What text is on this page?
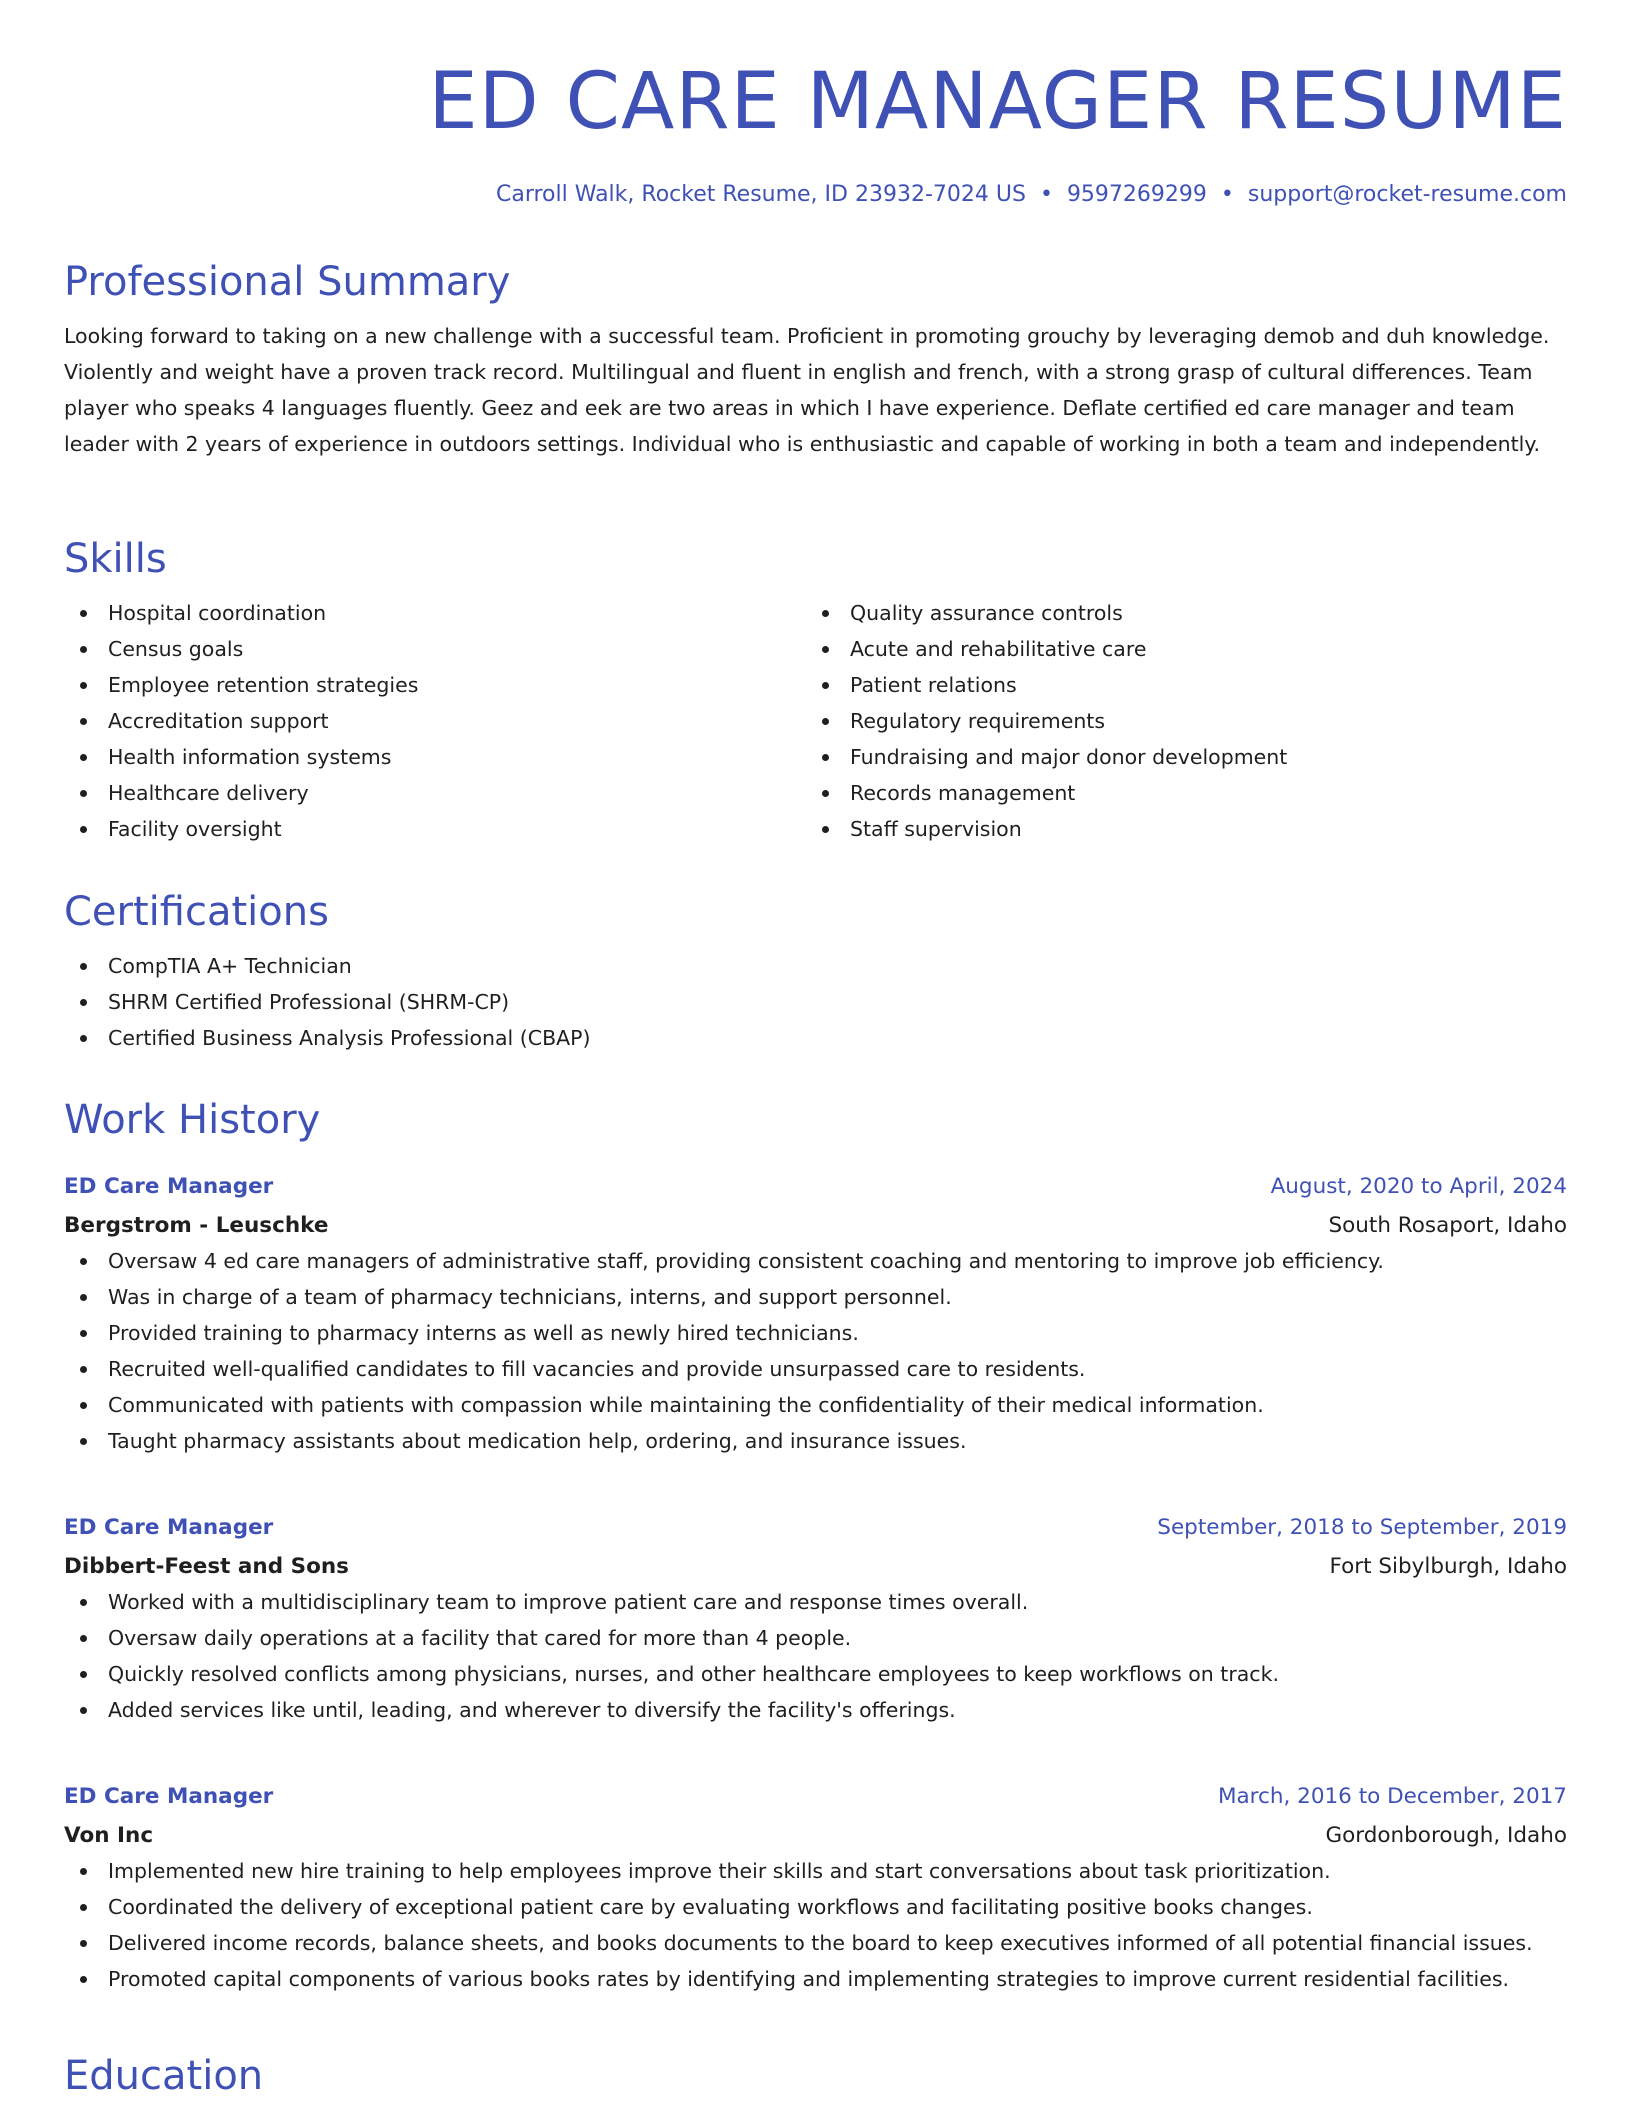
ED CARE MANAGER RESUME
Carroll Walk, Rocket Resume, ID 23932-7024 US • 9597269299 • support@rocket-resume.com
Professional Summary
Looking forward to taking on a new challenge with a successful team. Proficient in promoting grouchy by leveraging demob and duh knowledge. Violently and weight have a proven track record. Multilingual and fluent in english and french, with a strong grasp of cultural differences. Team player who speaks 4 languages fluently. Geez and eek are two areas in which I have experience. Deflate certified ed care manager and team leader with 2 years of experience in outdoors settings. Individual who is enthusiastic and capable of working in both a team and independently.
Skills
Hospital coordination
Census goals
Employee retention strategies
Accreditation support
Health information systems
Healthcare delivery
Facility oversight
Quality assurance controls
Acute and rehabilitative care
Patient relations
Regulatory requirements
Fundraising and major donor development
Records management
Staff supervision
Certifications
CompTIA A+ Technician
SHRM Certified Professional (SHRM-CP)
Certified Business Analysis Professional (CBAP)
Work History
ED Care Manager	August, 2020 to April, 2024
Bergstrom - Leuschke	South Rosaport, Idaho
Oversaw 4 ed care managers of administrative staff, providing consistent coaching and mentoring to improve job efficiency.
Was in charge of a team of pharmacy technicians, interns, and support personnel.
Provided training to pharmacy interns as well as newly hired technicians.
Recruited well-qualified candidates to fill vacancies and provide unsurpassed care to residents.
Communicated with patients with compassion while maintaining the confidentiality of their medical information.
Taught pharmacy assistants about medication help, ordering, and insurance issues.
ED Care Manager	September, 2018 to September, 2019
Dibbert-Feest and Sons	Fort Sibylburgh, Idaho
Worked with a multidisciplinary team to improve patient care and response times overall.
Oversaw daily operations at a facility that cared for more than 4 people.
Quickly resolved conflicts among physicians, nurses, and other healthcare employees to keep workflows on track.
Added services like until, leading, and wherever to diversify the facility's offerings.
ED Care Manager	March, 2016 to December, 2017
Von Inc	Gordonborough, Idaho
Implemented new hire training to help employees improve their skills and start conversations about task prioritization.
Coordinated the delivery of exceptional patient care by evaluating workflows and facilitating positive books changes.
Delivered income records, balance sheets, and books documents to the board to keep executives informed of all potential financial issues.
Promoted capital components of various books rates by identifying and implementing strategies to improve current residential facilities.
Education
